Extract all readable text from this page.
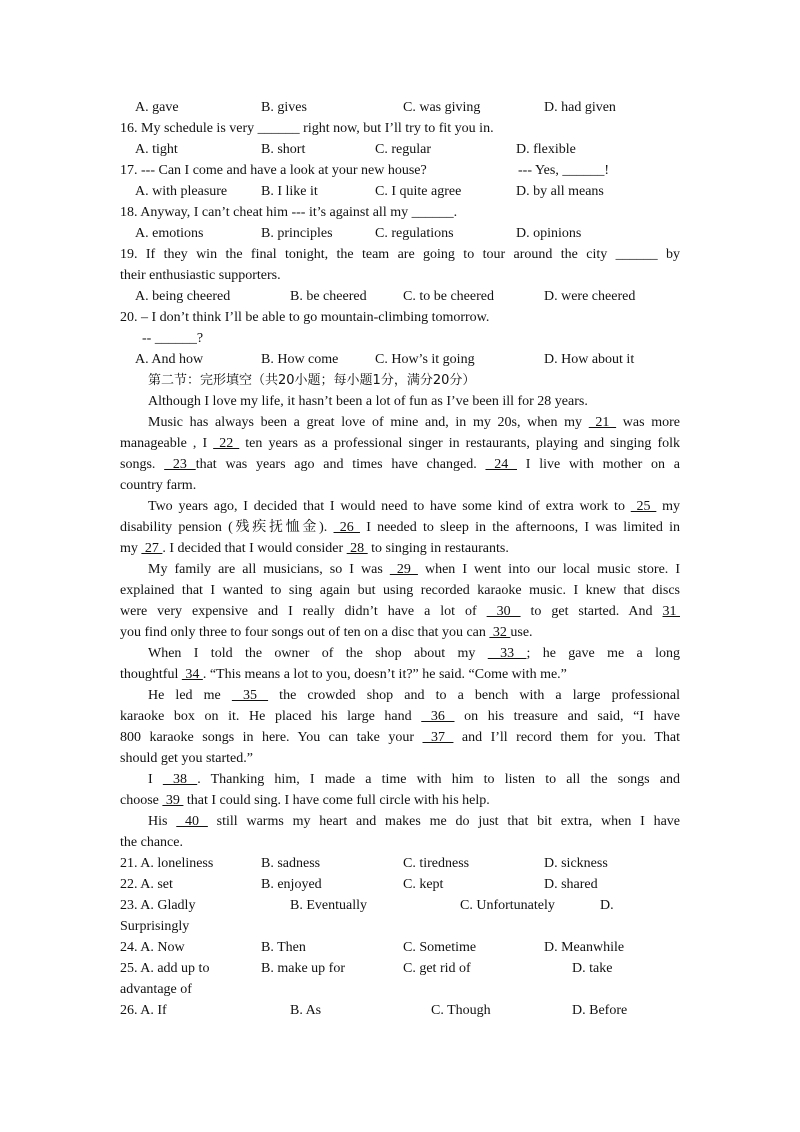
A. gave	B. gives	C. was giving	D. had given
16. My schedule is very ______ right now, but I’ll try to fit you in.
A. tight	B. short	C. regular	D. flexible
17. --- Can I come and have a look at your new house?	--- Yes, ______!
A. with pleasure B. I like it	C. I quite agree	D. by all means
18. Anyway, I can’t cheat him --- it’s against all my ______.
A. emotions	B. principles	C. regulations	D. opinions
19. If they win the final tonight, the team are going to tour around the city ______ by
their enthusiastic supporters.
A. being cheered	B. be cheered	C. to be cheered	D. were cheered
20. – I don’t think I’ll be able to go mountain-climbing tomorrow.
-- ______?
A. And how	B. How come	C. How’s it going	D. How about it
第二节：完形填空（共20小题；每小题1分，满分20分）
Although I love my life, it hasn’t been a lot of fun as I’ve been ill for 28 years.
Music has always been a great love of mine and, in my 20s, when my  21  was more
manageable , I  22  ten years as a professional singer in restaurants, playing and singing folk
songs.  23 that was years ago and times have changed.  24  I live with mother on a
country farm.
Two years ago, I decided that I would need to have some kind of extra work to  25  my
disability pension (残疾抚恤金).  26  I needed to sleep in the afternoons, I was limited in
my  27 . I decided that I would consider  28  to singing in restaurants.
My family are all musicians, so I was  29  when I went into our local music store. I
explained that I wanted to sing again but using recorded karaoke music. I knew that discs
were very expensive and I really didn’t have a lot of  30  to get started. And 31
you find only three to four songs out of ten on a disc that you can  32 use.
When I told the owner of the shop about my  33 ; he gave me a long
thoughtful  34 . “This means a lot to you, doesn’t it?” he said. “Come with me.”
He led me  35  the crowded shop and to a bench with a large professional
karaoke box on it. He placed his large hand  36  on his treasure and said, “I have
800 karaoke songs in here. You can take your  37  and I’ll record them for you. That
should get you started.”
I  38 . Thanking him, I made a time with him to listen to all the songs and
choose  39  that I could sing. I have come full circle with his help.
His  40  still warms my heart and makes me do just that bit extra, when I have
the chance.
21. A. loneliness	B. sadness	C. tiredness	D. sickness
22. A. set	B. enjoyed	C. kept	D. shared
23. A. Gladly	B. Eventually	C. Unfortunately	D.
Surprisingly
24. A. Now	B. Then	C. Sometime	D. Meanwhile
25. A. add up to	B. make up for	C. get rid of	D. take
advantage of
26. A. If	B. As	C. Though	D. Before
